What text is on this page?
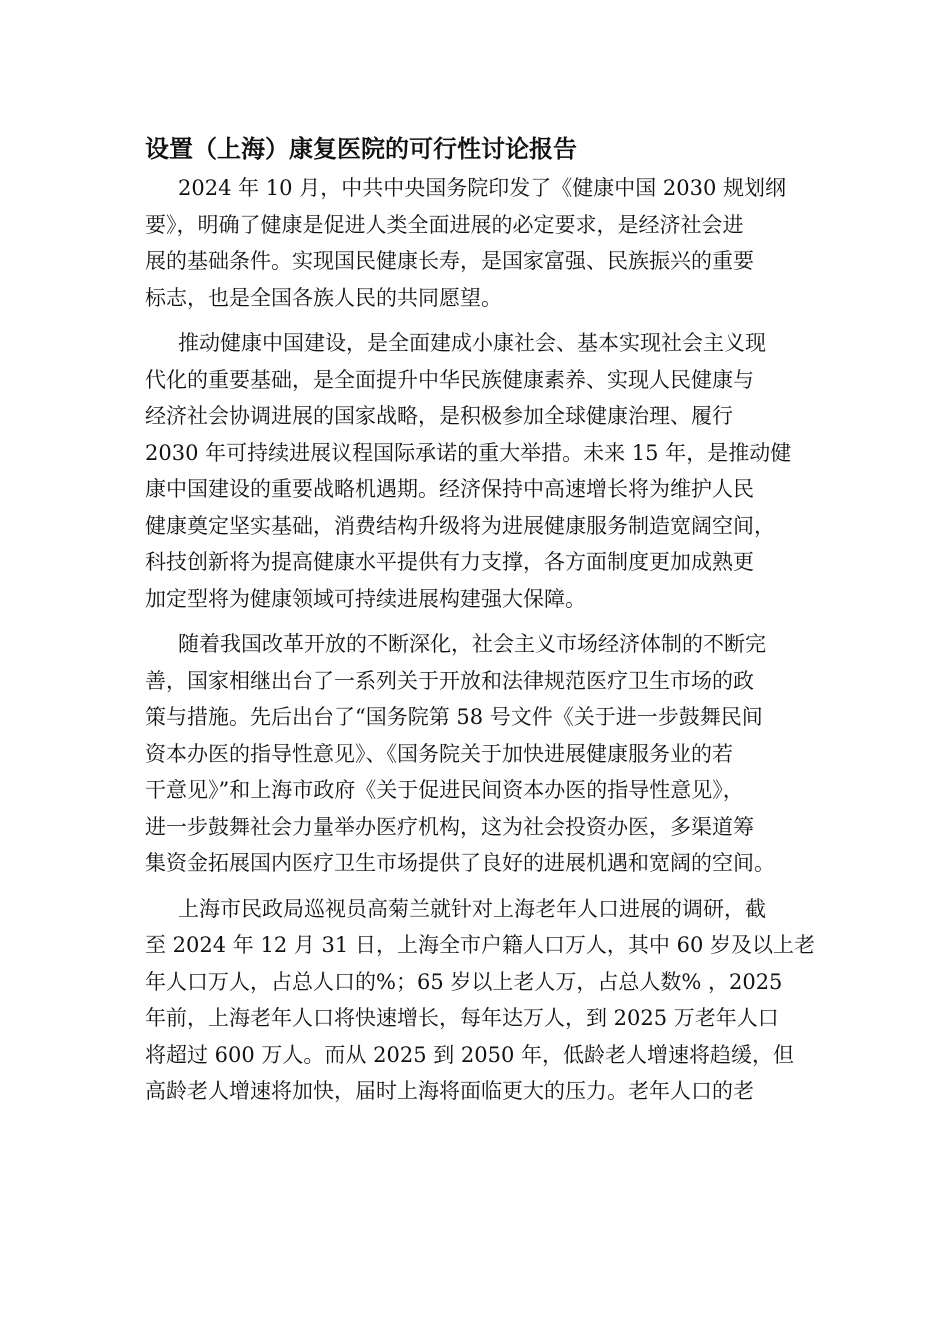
设置（上海）康复医院的可行性讨论报告

2024 年 10 月，中共中央国务院印发了《健康中国 2030 规划纲
要》，明确了健康是促进人类全面进展的必定要求，是经济社会进
展的基础条件。实现国民健康长寿，是国家富强、民族振兴的重要
标志，也是全国各族人民的共同愿望。

推动健康中国建设，是全面建成小康社会、基本实现社会主义现
代化的重要基础，是全面提升中华民族健康素养、实现人民健康与
经济社会协调进展的国家战略，是积极参加全球健康治理、履行
2030 年可持续进展议程国际承诺的重大举措。未来 15 年，是推动健
康中国建设的重要战略机遇期。经济保持中高速增长将为维护人民
健康奠定坚实基础，消费结构升级将为进展健康服务制造宽阔空间，
科技创新将为提高健康水平提供有力支撑，各方面制度更加成熟更
加定型将为健康领域可持续进展构建强大保障。

随着我国改革开放的不断深化，社会主义市场经济体制的不断完
善，国家相继出台了一系列关于开放和法律规范医疗卫生市场的政
策与措施。先后出台了“国务院第 58 号文件《关于进一步鼓舞民间
资本办医的指导性意见》、《国务院关于加快进展健康服务业的若
干意见》”和上海市政府《关于促进民间资本办医的指导性意见》，
进一步鼓舞社会力量举办医疗机构，这为社会投资办医，多渠道筹
集资金拓展国内医疗卫生市场提供了良好的进展机遇和宽阔的空间。

上海市民政局巡视员高菊兰就针对上海老年人口进展的调研，截
至 2024 年 12 月 31 日，上海全市户籍人口万人，其中 60 岁及以上老
年人口万人，占总人口的%；65 岁以上老人万，占总人数% ，2025
年前，上海老年人口将快速增长，每年达万人，到 2025 万老年人口
将超过 600 万人。而从 2025 到 2050 年，低龄老人增速将趋缓，但
高龄老人增速将加快，届时上海将面临更大的压力。老年人口的老
